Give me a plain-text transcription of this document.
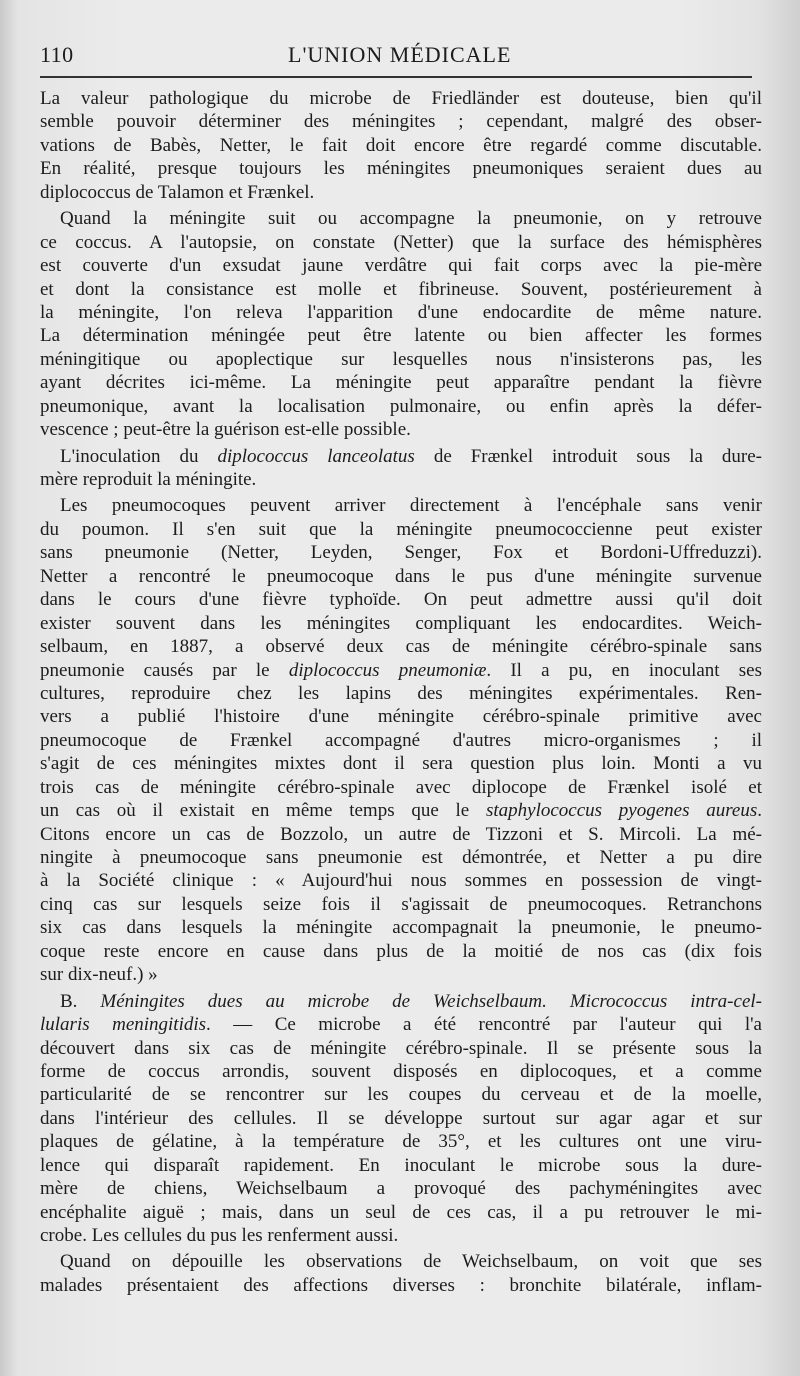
110	L'UNION MÉDICALE
La valeur pathologique du microbe de Friedländer est douteuse, bien qu'il
semble pouvoir déterminer des méningites ; cependant, malgré des obser-
vations de Babès, Netter, le fait doit encore être regardé comme discutable.
En réalité, presque toujours les méningites pneumoniques seraient dues au
diplococcus de Talamon et Frænkel.
Quand la méningite suit ou accompagne la pneumonie, on y retrouve
ce coccus. A l'autopsie, on constate (Netter) que la surface des hémisphères
est couverte d'un exsudat jaune verdâtre qui fait corps avec la pie-mère
et dont la consistance est molle et fibrineuse. Souvent, postérieurement à
la méningite, l'on releva l'apparition d'une endocardite de même nature.
La détermination méningée peut être latente ou bien affecter les formes
méningitique ou apoplectique sur lesquelles nous n'insisterons pas, les
ayant décrites ici-même. La méningite peut apparaître pendant la fièvre
pneumonique, avant la localisation pulmonaire, ou enfin après la défer-
vescence ; peut-être la guérison est-elle possible.
L'inoculation du diplococcus lanceolatus de Frænkel introduit sous la dure-
mère reproduit la méningite.
Les pneumocoques peuvent arriver directement à l'encéphale sans venir
du poumon. Il s'en suit que la méningite pneumococcienne peut exister
sans pneumonie (Netter, Leyden, Senger, Fox et Bordoni-Uffreduzzi).
Netter a rencontré le pneumocoque dans le pus d'une méningite survenue
dans le cours d'une fièvre typhoïde. On peut admettre aussi qu'il doit
exister souvent dans les méningites compliquant les endocardites. Weich-
selbaum, en 1887, a observé deux cas de méningite cérébro-spinale sans
pneumonie causés par le diplococcus pneumoniæ. Il a pu, en inoculant ses
cultures, reproduire chez les lapins des méningites expérimentales. Ren-
vers a publié l'histoire d'une méningite cérébro-spinale primitive avec
pneumocoque de Frænkel accompagné d'autres micro-organismes ; il
s'agit de ces méningites mixtes dont il sera question plus loin. Monti a vu
trois cas de méningite cérébro-spinale avec diplocope de Frænkel isolé et
un cas où il existait en même temps que le staphylococcus pyogenes aureus.
Citons encore un cas de Bozzolo, un autre de Tizzoni et S. Mircoli. La mé-
ningite à pneumocoque sans pneumonie est démontrée, et Netter a pu dire
à la Société clinique : « Aujourd'hui nous sommes en possession de vingt-
cinq cas sur lesquels seize fois il s'agissait de pneumocoques. Retranchons
six cas dans lesquels la méningite accompagnait la pneumonie, le pneumo-
coque reste encore en cause dans plus de la moitié de nos cas (dix fois
sur dix-neuf.) »
B. Méningites dues au microbe de Weichselbaum. Micrococcus intra-cel-
lularis meningitidis. — Ce microbe a été rencontré par l'auteur qui l'a
découvert dans six cas de méningite cérébro-spinale. Il se présente sous la
forme de coccus arrondis, souvent disposés en diplocoques, et a comme
particularité de se rencontrer sur les coupes du cerveau et de la moelle,
dans l'intérieur des cellules. Il se développe surtout sur agar agar et sur
plaques de gélatine, à la température de 35°, et les cultures ont une viru-
lence qui disparaît rapidement. En inoculant le microbe sous la dure-
mère de chiens, Weichselbaum a provoqué des pachyméningites avec
encéphalite aiguë ; mais, dans un seul de ces cas, il a pu retrouver le mi-
crobe. Les cellules du pus les renferment aussi.
Quand on dépouille les observations de Weichselbaum, on voit que ses
malades présentaient des affections diverses : bronchite bilatérale, inflam-
